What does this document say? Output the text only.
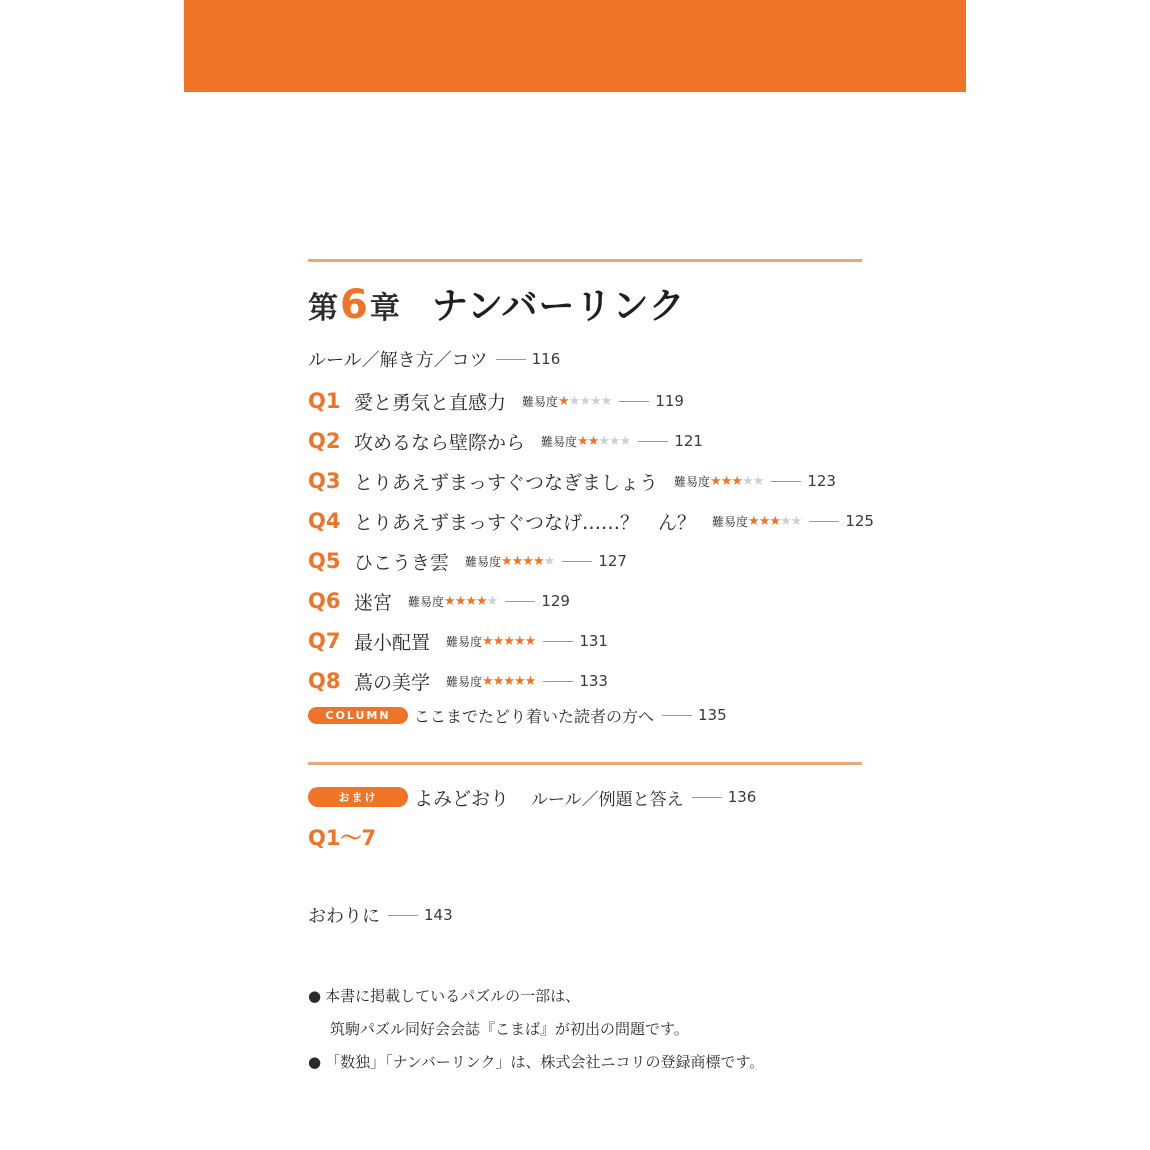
第 6 章 ナンバーリンク
ルール／解き方／コツ	116
Q1 愛と勇気と直感力 難易度 ★★★★★	119
Q2 攻めるなら壁際から 難易度 ★★★★★	121
Q3 とりあえずまっすぐつなぎましょう 難易度 ★★★★★	123
Q4 とりあえずまっすぐつなげ……？　ん？ 難易度 ★★★★★	125
Q5 ひこうき雲 難易度 ★★★★★	127
Q6 迷宮 難易度 ★★★★★	129
Q7 最小配置 難易度 ★★★★★	131
Q8 蔦の美学 難易度 ★★★★★	133
COLUMN	ここまでたどり着いた読者の方へ	135
おまけ	よみどおり ルール／例題と答え	136
Q1～7
おわりに	143
● 本書に掲載しているパズルの一部は、
筑駒パズル同好会会誌『こまば』が初出の問題です。
● 「数独」「ナンバーリンク」は、株式会社ニコリの登録商標です。
